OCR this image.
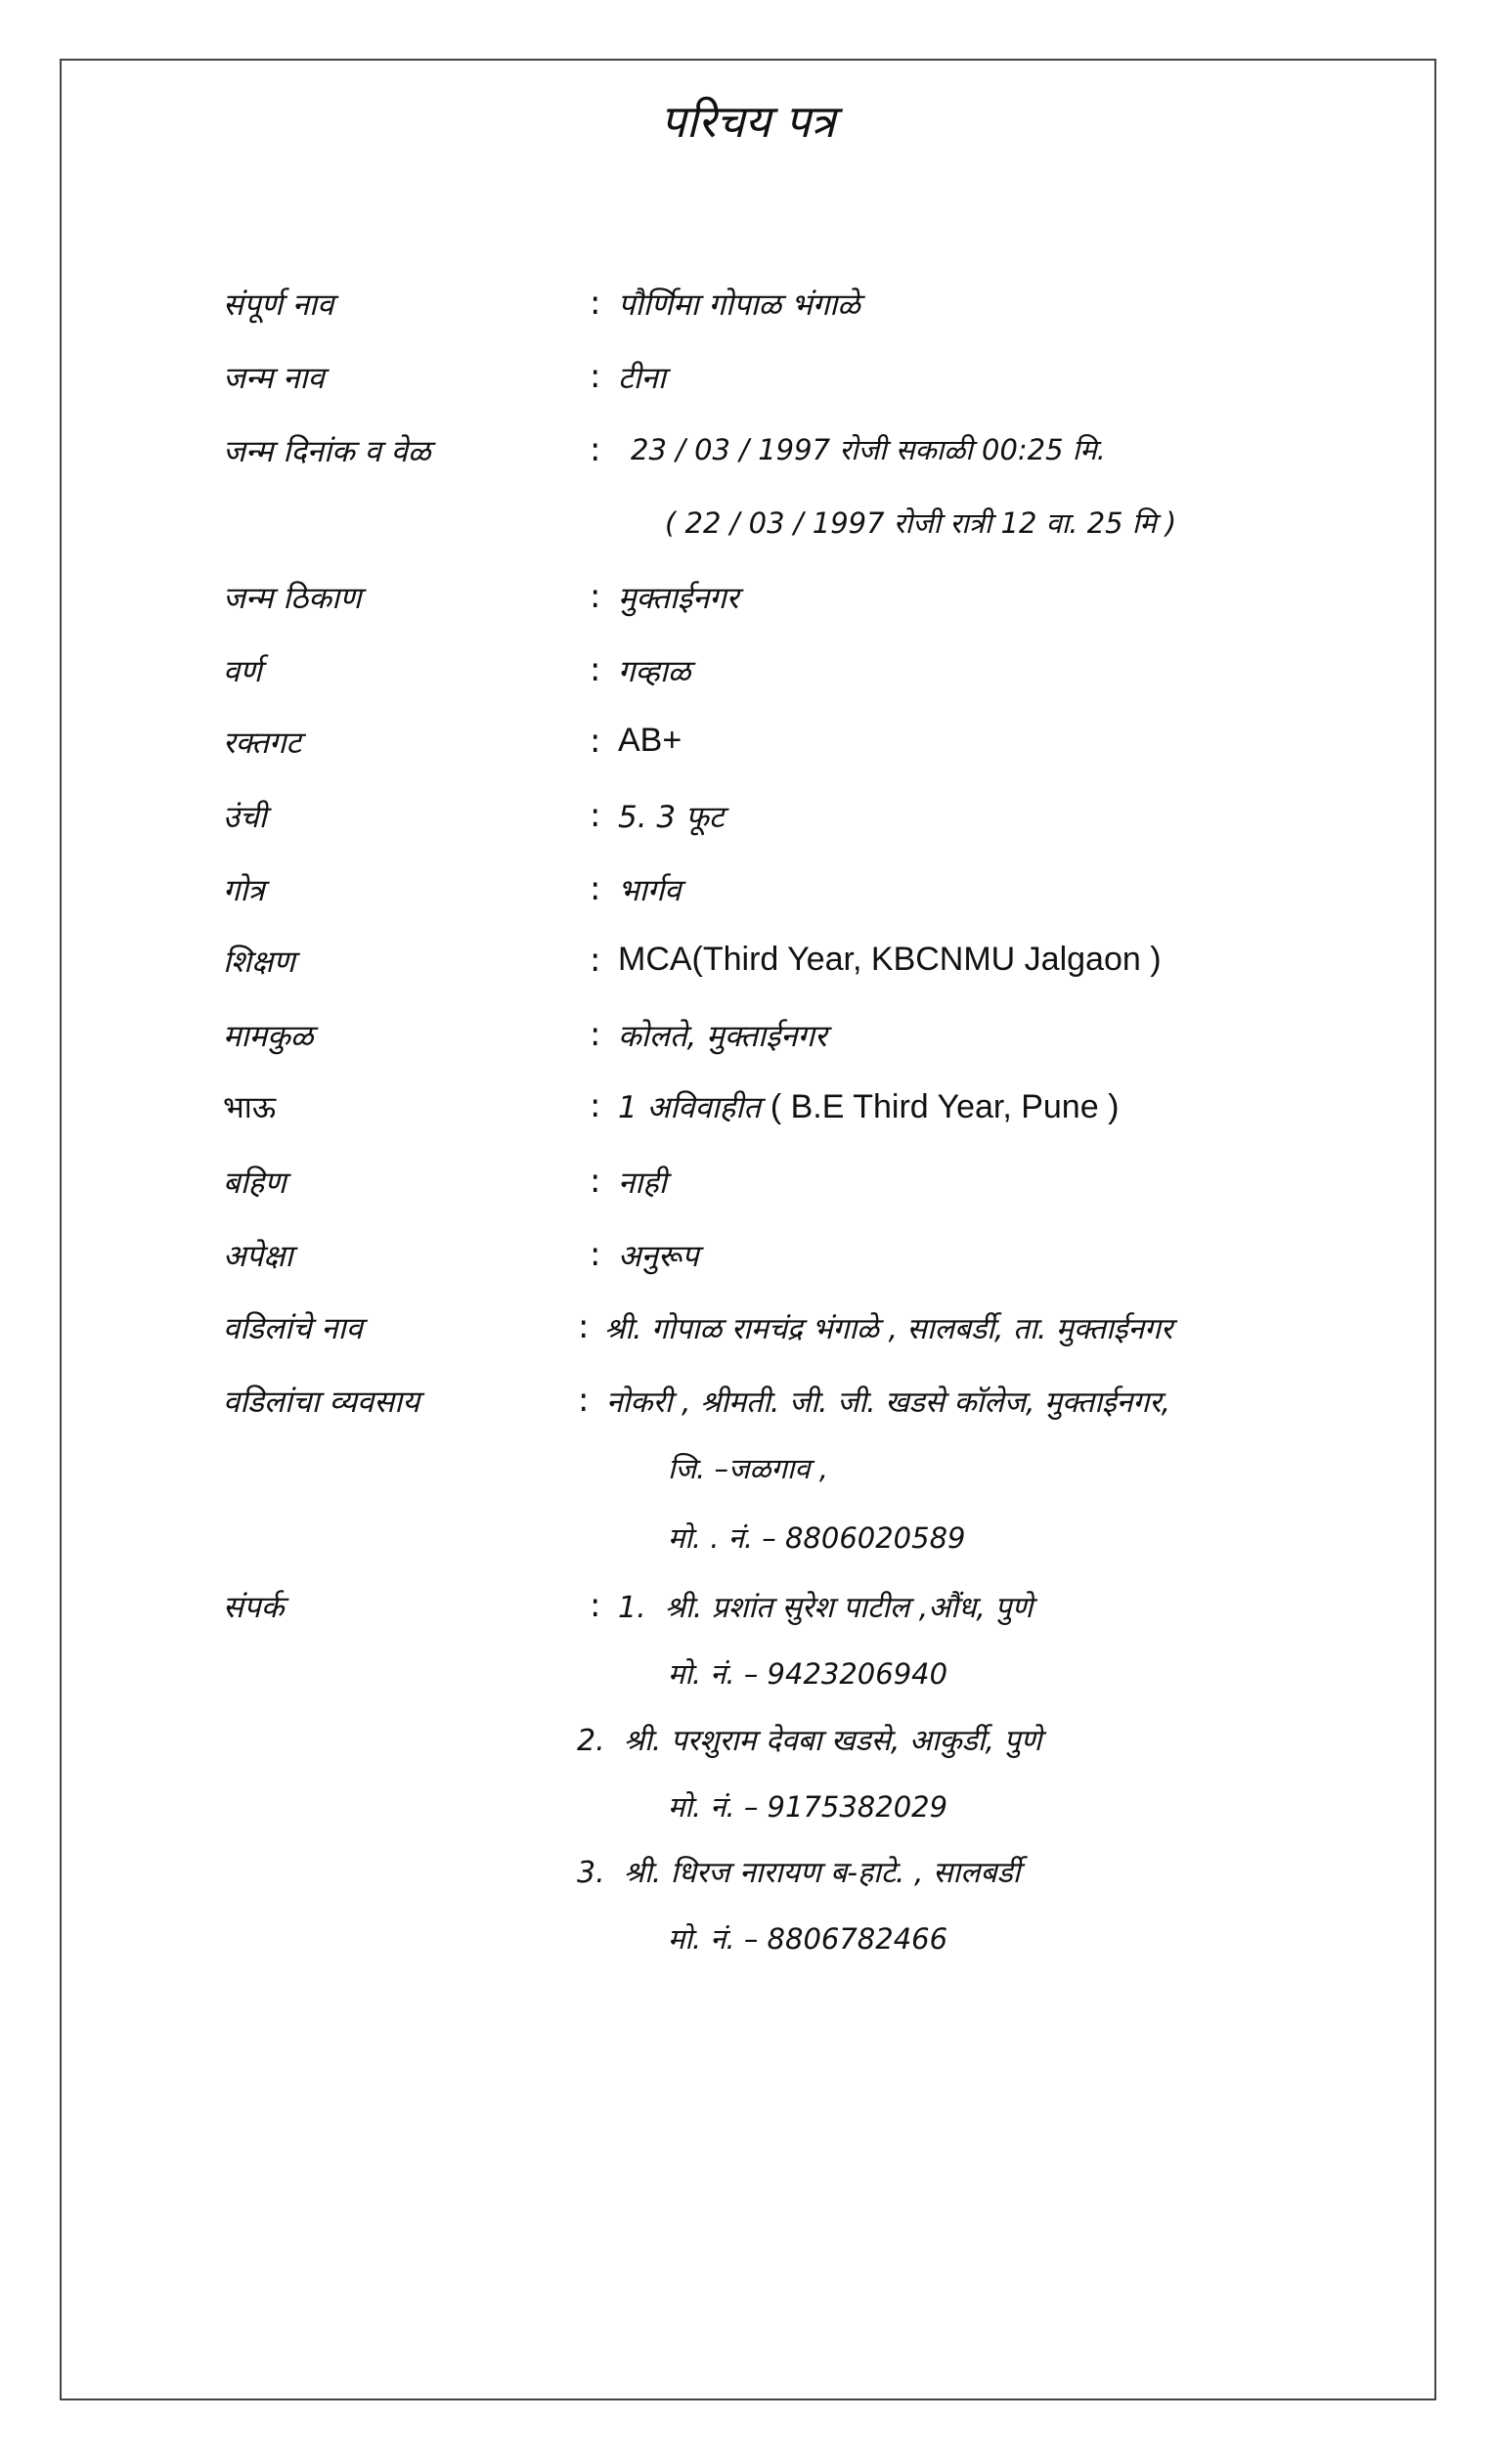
परिचय पत्र
संपूर्ण नाव	: पौर्णिमा गोपाळ भंगाळे
जन्म नाव	: टीना
जन्म दिनांक व वेळ	: 23 / 03 / 1997 रोजी सकाळी 00:25 मि.
( 22 / 03 / 1997 रोजी रात्री 12 वा. 25 मि )
जन्म ठिकाण	: मुक्ताईनगर
वर्ण	: गव्हाळ
रक्तगट	: AB+
उंची	: 5. 3 फूट
गोत्र	: भार्गव
शिक्षण	: MCA(Third Year, KBCNMU Jalgaon )
मामकुळ	: कोलते, मुक्ताईनगर
भाऊ	: 1 अविवाहीत ( B.E Third Year, Pune )
बहिण	: नाही
अपेक्षा	: अनुरूप
वडिलांचे नाव	: श्री. गोपाळ रामचंद्र भंगाळे , सालबर्डी, ता. मुक्ताईनगर
वडिलांचा व्यवसाय	: नोकरी , श्रीमती. जी. जी. खडसे कॉलेज, मुक्ताईनगर,
जि. –जळगाव ,
मो. . नं. – 8806020589
संपर्क	: 1. श्री. प्रशांत सुरेश पाटील ,औंध, पुणे
मो. नं. – 9423206940
2. श्री. परशुराम देवबा खडसे, आकुर्डी, पुणे
मो. नं. – 9175382029
3. श्री. धिरज नारायण ब-हाटे. , सालबर्डी
मो. नं. – 8806782466
